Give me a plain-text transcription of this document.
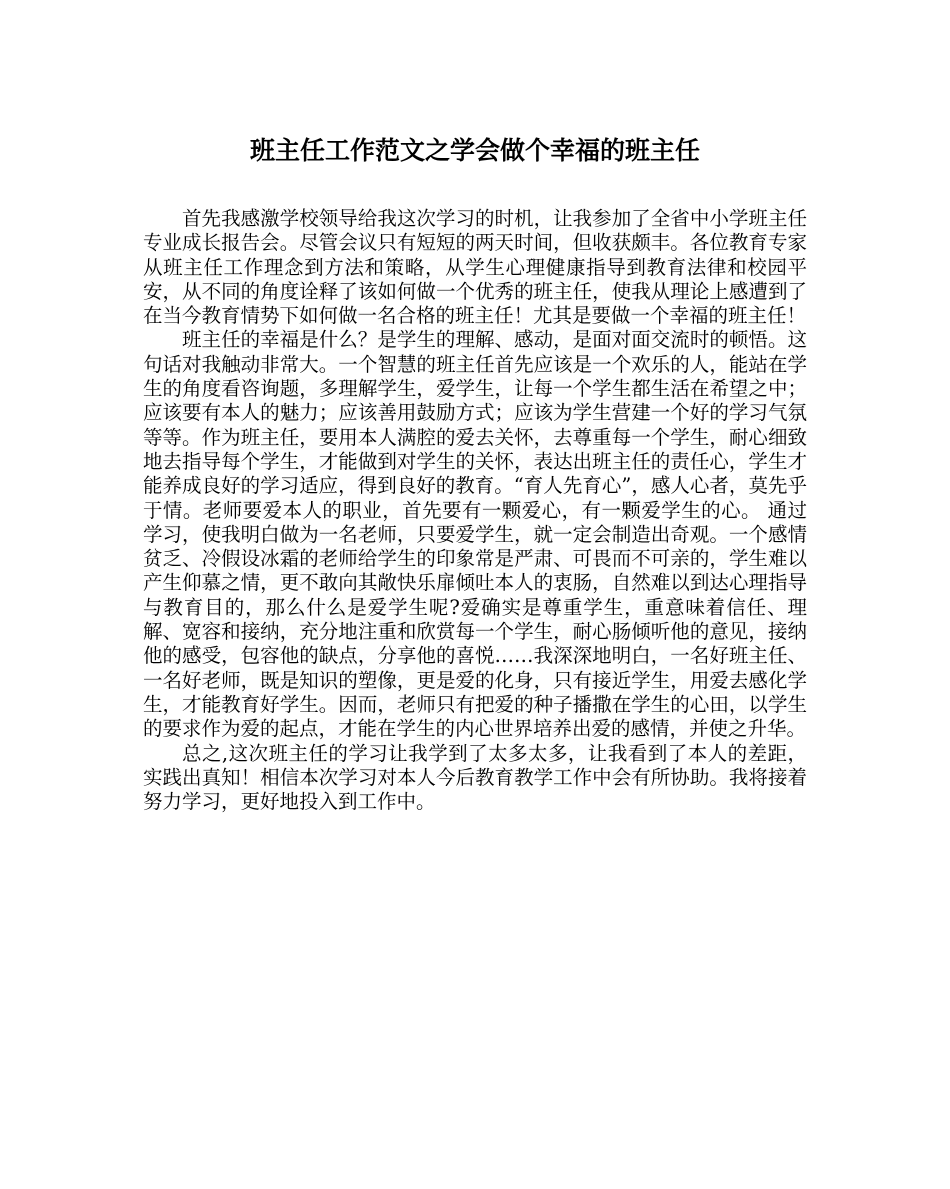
班主任工作范文之学会做个幸福的班主任

首先我感激学校领导给我这次学习的时机，让我参加了全省中小学班主任专业成长报告会。尽管会议只有短短的两天时间，但收获颇丰。各位教育专家从班主任工作理念到方法和策略，从学生心理健康指导到教育法律和校园平安，从不同的角度诠释了该如何做一个优秀的班主任，使我从理论上感遭到了在当今教育情势下如何做一名合格的班主任！尤其是要做一个幸福的班主任！

班主任的幸福是什么？是学生的理解、感动，是面对面交流时的顿悟。这句话对我触动非常大。一个智慧的班主任首先应该是一个欢乐的人，能站在学生的角度看咨询题，多理解学生，爱学生，让每一个学生都生活在希望之中；应该要有本人的魅力；应该善用鼓励方式；应该为学生营建一个好的学习气氛等等。作为班主任，要用本人满腔的爱去关怀，去尊重每一个学生，耐心细致地去指导每个学生，才能做到对学生的关怀，表达出班主任的责任心，学生才能养成良好的学习适应，得到良好的教育。“育人先育心”，感人心者，莫先乎于情。老师要爱本人的职业，首先要有一颗爱心，有一颗爱学生的心。 通过学习，使我明白做为一名老师，只要爱学生，就一定会制造出奇观。一个感情贫乏、冷假设冰霜的老师给学生的印象常是严肃、可畏而不可亲的，学生难以产生仰慕之情，更不敢向其敞快乐扉倾吐本人的衷肠，自然难以到达心理指导与教育目的，那么什么是爱学生呢?爱确实是尊重学生，重意味着信任、理解、宽容和接纳，充分地注重和欣赏每一个学生，耐心肠倾听他的意见，接纳他的感受，包容他的缺点，分享他的喜悦……我深深地明白，一名好班主任、一名好老师，既是知识的塑像，更是爱的化身，只有接近学生，用爱去感化学生，才能教育好学生。因而，老师只有把爱的种子播撒在学生的心田，以学生的要求作为爱的起点，才能在学生的内心世界培养出爱的感情，并使之升华。

总之,这次班主任的学习让我学到了太多太多，让我看到了本人的差距，实践出真知！相信本次学习对本人今后教育教学工作中会有所协助。我将接着努力学习，更好地投入到工作中。
